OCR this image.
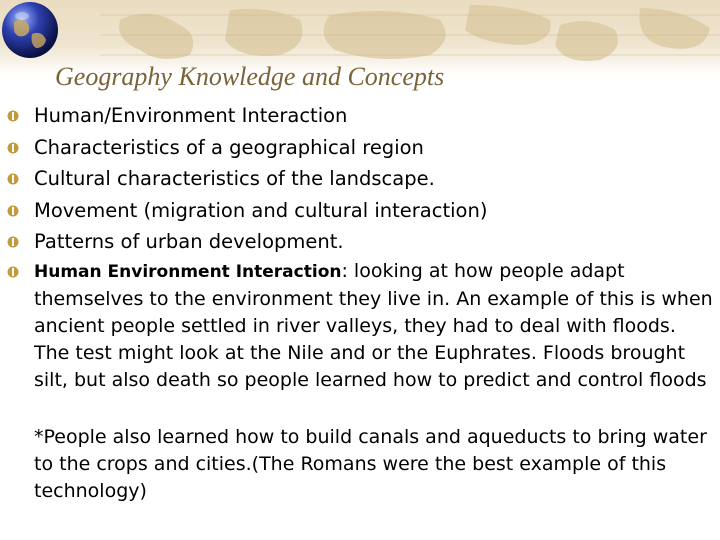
Geography Knowledge and Concepts
Human/Environment Interaction
Characteristics of a geographical region
Cultural characteristics of the landscape.
Movement (migration and cultural interaction)
Patterns of urban development.

Human Environment Interaction: looking at how people adapt themselves to the environment they live in. An example of this is when ancient people settled in river valleys, they had to deal with floods. The test might look at the Nile and or the Euphrates. Floods brought silt, but also death so people learned how to predict and control floods

*People also learned how to build canals and aqueducts to bring water to the crops and cities.(The Romans were the best example of this technology)
